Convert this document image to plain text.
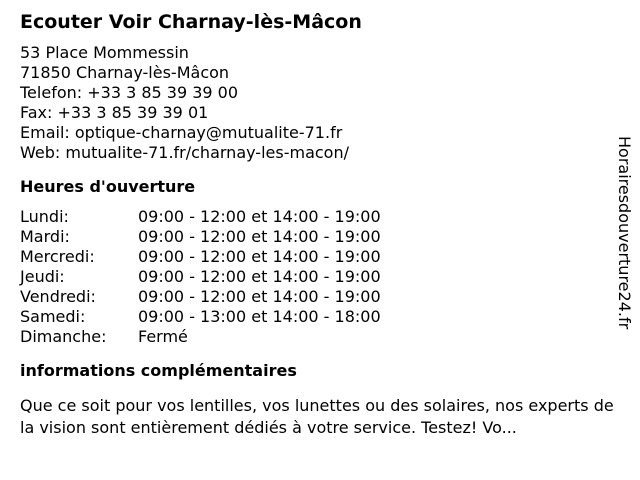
Ecouter Voir Charnay-lès-Mâcon
53 Place Mommessin
71850 Charnay-lès-Mâcon
Telefon: +33 3 85 39 39 00
Fax: +33 3 85 39 39 01
Email: optique-charnay@mutualite-71.fr
Web: mutualite-71.fr/charnay-les-macon/
Heures d'ouverture
Lundi:	09:00 - 12:00 et 14:00 - 19:00
Mardi:	09:00 - 12:00 et 14:00 - 19:00
Mercredi:	09:00 - 12:00 et 14:00 - 19:00
Jeudi:	09:00 - 12:00 et 14:00 - 19:00
Vendredi:	09:00 - 12:00 et 14:00 - 19:00
Samedi:	09:00 - 13:00 et 14:00 - 18:00
Dimanche:	Fermé
informations complémentaires
Que ce soit pour vos lentilles, vos lunettes ou des solaires, nos experts de la vision sont entièrement dédiés à votre service. Testez! Vo...
Horairesdouverture24.fr
